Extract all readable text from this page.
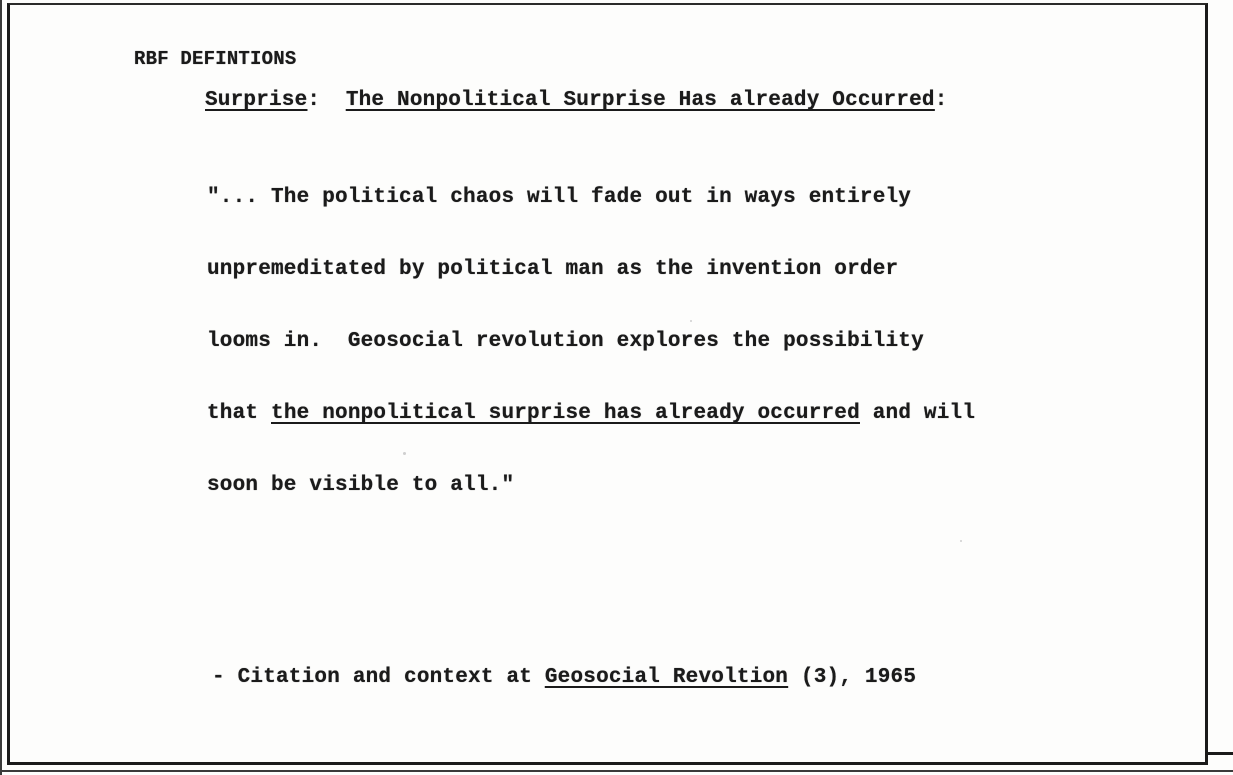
RBF DEFINTIONS
Surprise:  The Nonpolitical Surprise Has already Occurred:

"... The political chaos will fade out in ways entirely

unpremeditated by political man as the invention order

looms in.  Geosocial revolution explores the possibility

that the nonpolitical surprise has already occurred and will

soon be visible to all."

- Citation and context at Geosocial Revoltion (3), 1965
